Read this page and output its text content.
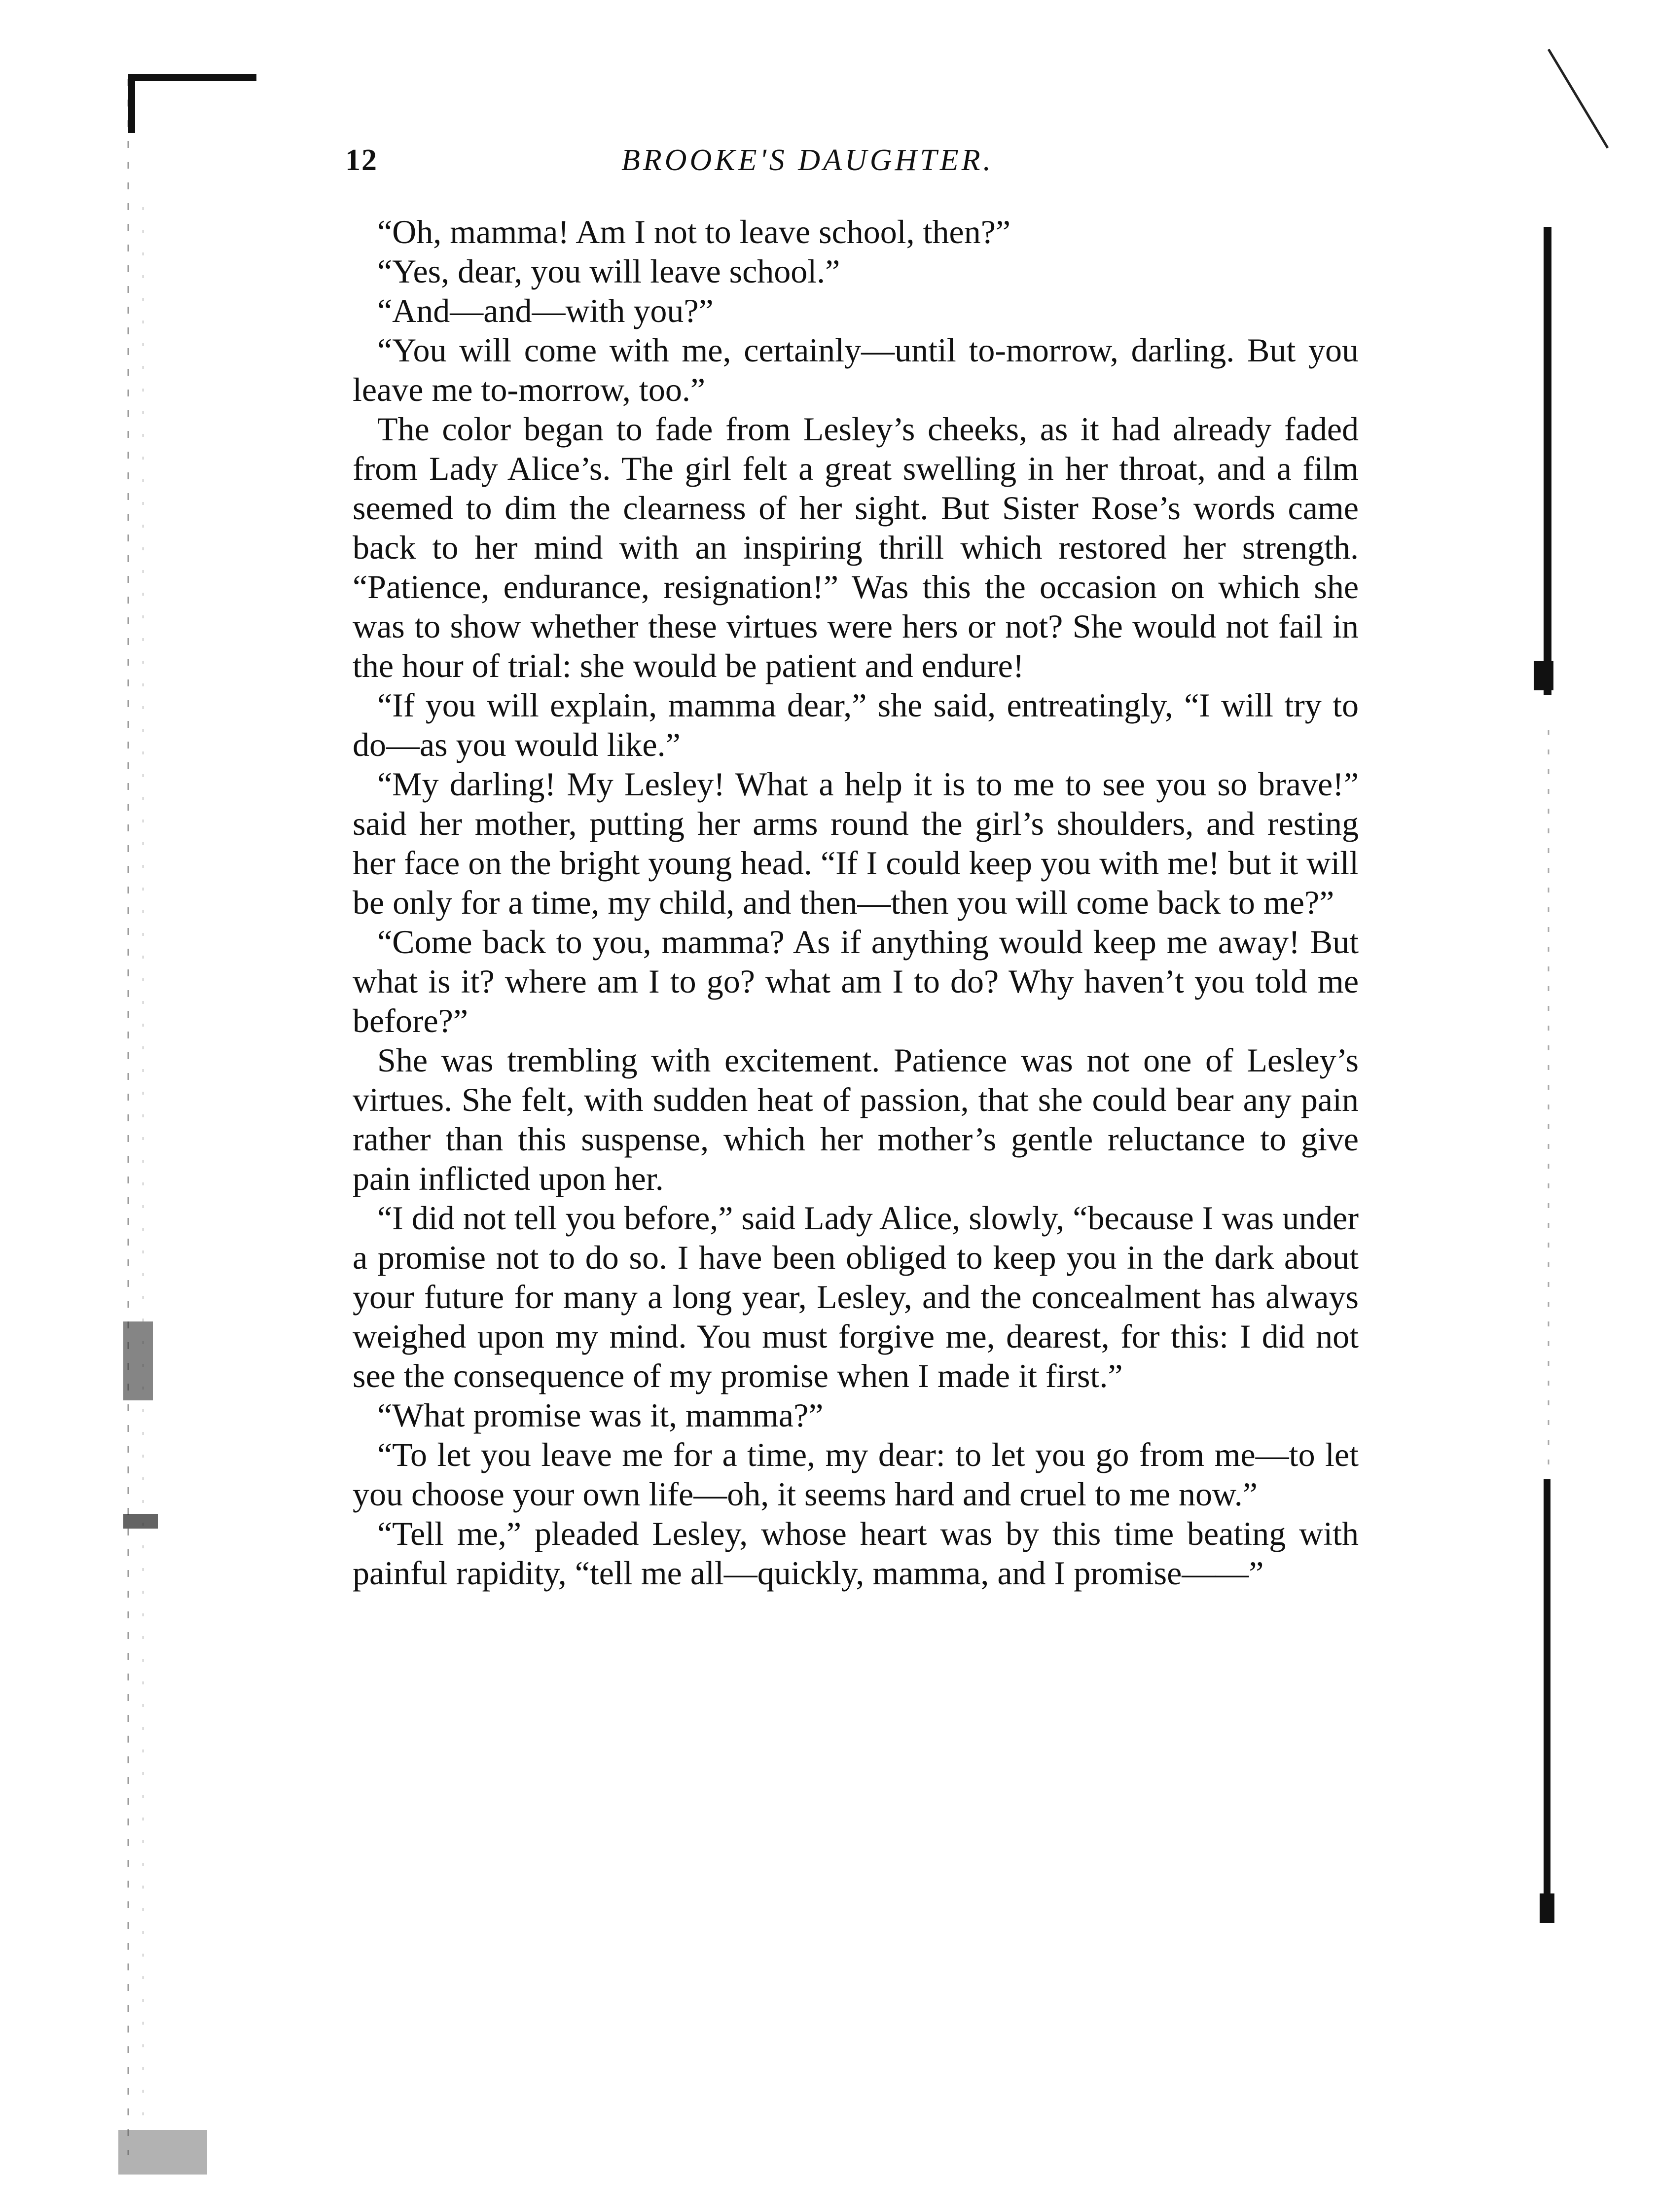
12	BROOKE'S DAUGHTER.

“Oh, mamma! Am I not to leave school, then?”

“Yes, dear, you will leave school.”

“And—and—with you?”

“You will come with me, certainly—until to-morrow, darling. But you leave me to-morrow, too.”

The color began to fade from Lesley’s cheeks, as it had already faded from Lady Alice’s. The girl felt a great swelling in her throat, and a film seemed to dim the clearness of her sight. But Sister Rose’s words came back to her mind with an inspiring thrill which restored her strength. “Patience, endurance, resignation!” Was this the occasion on which she was to show whether these virtues were hers or not? She would not fail in the hour of trial: she would be patient and endure!

“If you will explain, mamma dear,” she said, entreatingly, “I will try to do—as you would like.”

“My darling! My Lesley! What a help it is to me to see you so brave!” said her mother, putting her arms round the girl’s shoulders, and resting her face on the bright young head. “If I could keep you with me! but it will be only for a time, my child, and then—then you will come back to me?”

“Come back to you, mamma? As if anything would keep me away! But what is it? where am I to go? what am I to do? Why haven’t you told me before?”

She was trembling with excitement. Patience was not one of Lesley’s virtues. She felt, with sudden heat of passion, that she could bear any pain rather than this suspense, which her mother’s gentle reluctance to give pain inflicted upon her.

“I did not tell you before,” said Lady Alice, slowly, “because I was under a promise not to do so. I have been obliged to keep you in the dark about your future for many a long year, Lesley, and the concealment has always weighed upon my mind. You must forgive me, dearest, for this: I did not see the consequence of my promise when I made it first.”

“What promise was it, mamma?”

“To let you leave me for a time, my dear: to let you go from me—to let you choose your own life—oh, it seems hard and cruel to me now.”

“Tell me,” pleaded Lesley, whose heart was by this time beating with painful rapidity, “tell me all—quickly, mamma, and I promise——”
